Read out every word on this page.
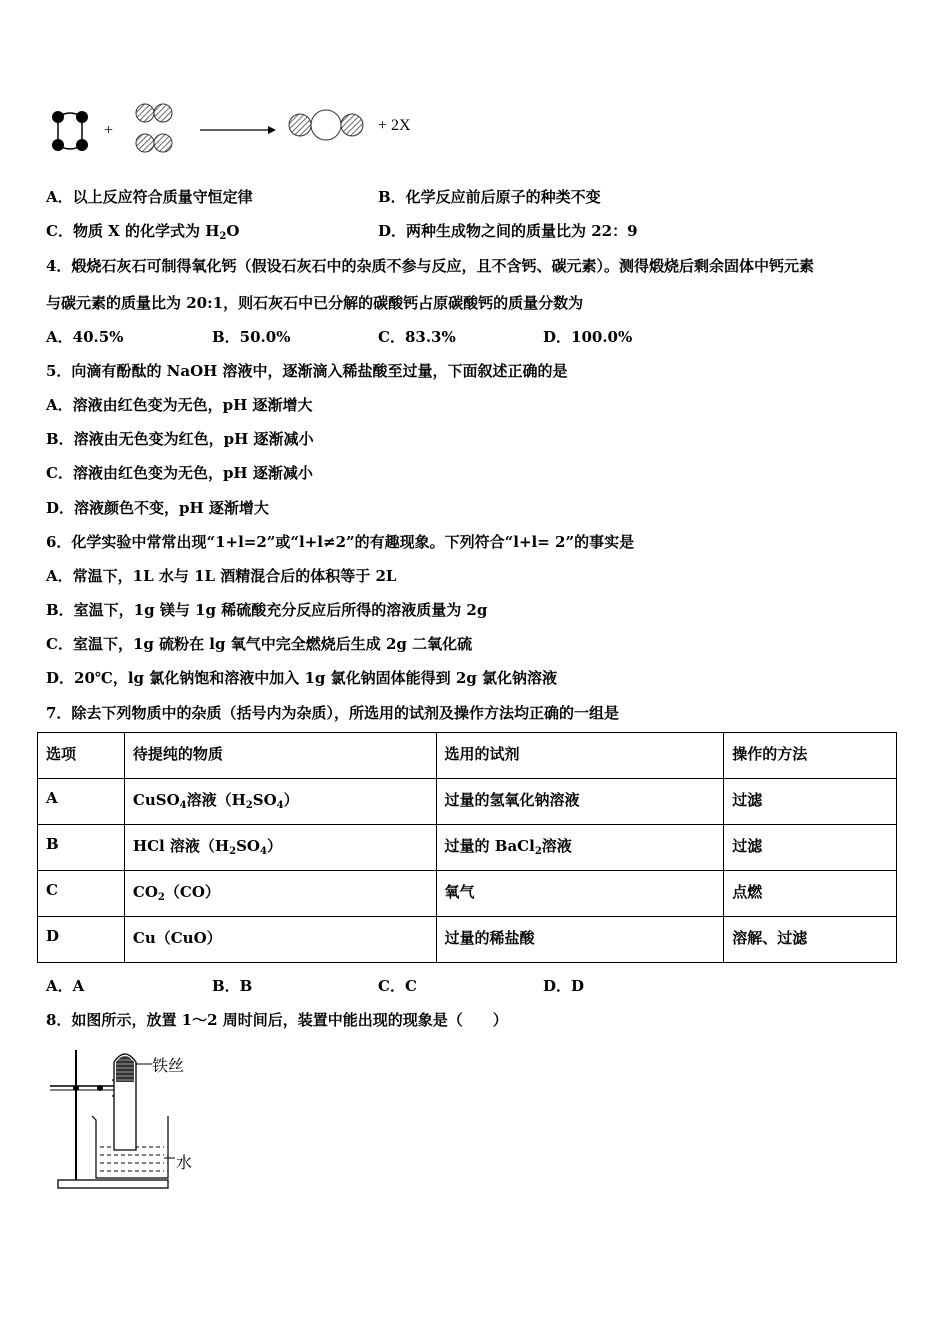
+	+ 2X
A．以上反应符合质量守恒定律	B．化学反应前后原子的种类不变
C．物质 X 的化学式为 $H_2O$	D．两种生成物之间的质量比为 22：9
4．煅烧石灰石可制得氧化钙（假设石灰石中的杂质不参与反应，且不含钙、碳元素）。测得煅烧后剩余固体中钙元素
与碳元素的质量比为 20:1，则石灰石中已分解的碳酸钙占原碳酸钙的质量分数为
A．40.5%	B．50.0%	C．83.3%	D．100.0%
5．向滴有酚酞的 NaOH 溶液中，逐渐滴入稀盐酸至过量，下面叙述正确的是
A．溶液由红色变为无色，pH 逐渐增大
B．溶液由无色变为红色，pH 逐渐减小
C．溶液由红色变为无色，pH 逐渐减小
D．溶液颜色不变，pH 逐渐增大
6．化学实验中常常出现“1+l=2”或“l+l≠2”的有趣现象。下列符合“l+l= 2”的事实是
A．常温下，1L 水与 1L 酒精混合后的体积等于 2L
B．室温下，1g 镁与 1g 稀硫酸充分反应后所得的溶液质量为 2g
C．室温下，1g 硫粉在 lg 氧气中完全燃烧后生成 2g 二氧化硫
D．20℃，lg 氯化钠饱和溶液中加入 1g 氯化钠固体能得到 2g 氯化钠溶液
7．除去下列物质中的杂质（括号内为杂质），所选用的试剂及操作方法均正确的一组是
选项	待提纯的物质	选用的试剂	操作的方法
A	CuSO$_4$溶液$(H_2SO_4)$	过量的氢氧化钠溶液	过滤
B	HCl 溶液$(H_2SO_4)$	过量的 BaCl$_2$溶液	过滤
C	$CO_2(CO)$	氧气	点燃
D	Cu（CuO）	过量的稀盐酸	溶解、过滤
A．A	B．B	C．C	D．D
8．如图所示，放置 1～2 周时间后，装置中能出现的现象是（　　）
铁丝
水
